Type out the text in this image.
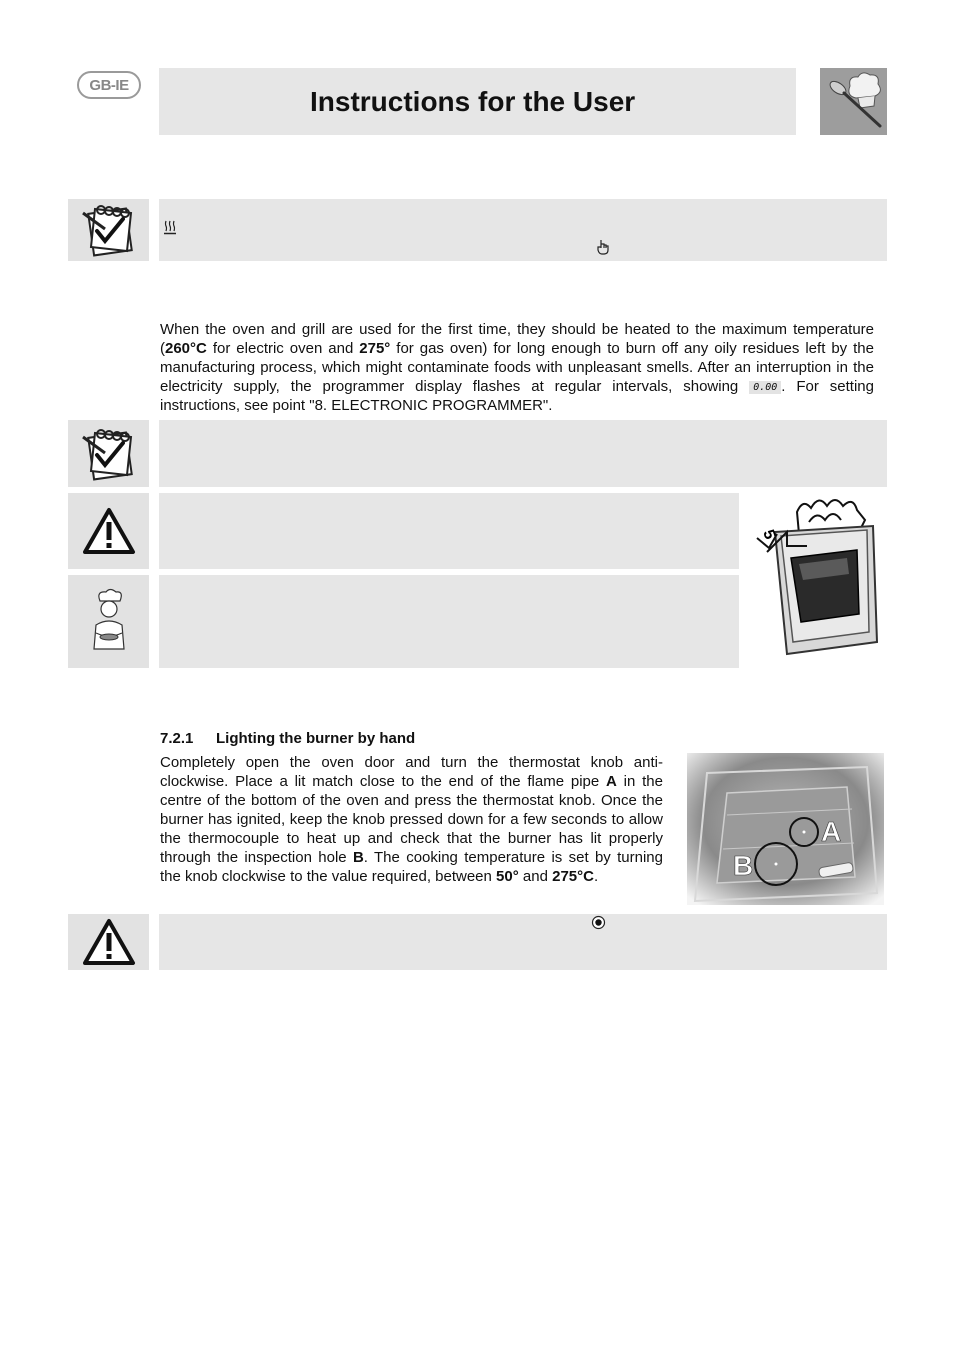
GB-IE
Instructions for the User
When the oven and grill are used for the first time, they should be heated to the maximum temperature (260°C for electric oven and 275° for gas oven) for long enough to burn off any oily residues left by the manufacturing process, which might contaminate foods with unpleasant smells. After an interruption in the electricity supply, the programmer display flashes at regular intervals, showing 0.00 . For setting instructions, see point "8. ELECTRONIC PROGRAMMER".
5
7.2.1 Lighting the burner by hand
Completely open the oven door and turn the thermostat knob anti-clockwise. Place a lit match close to the end of the flame pipe A in the centre of the bottom of the oven and press the thermostat knob. Once the burner has ignited, keep the knob pressed down for a few seconds to allow the thermocouple to heat up and check that the burner has lit properly through the inspection hole B. The cooking temperature is set by turning the knob clockwise to the value required, between 50° and 275°C.
A
B
